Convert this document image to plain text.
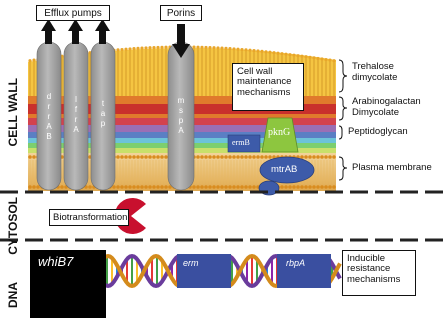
CELL WALL
CYTOSOL
DNA
Efflux pumps	Porins
d
r
r
A
B
l
f
r
A
t
a
p
m
s
p
A
Cell wall
maintenance
mechanisms
ermB
pknG
mtrAB
Trehalose
dimycolate
Arabinogalactan
Dimycolate
Peptidoglycan
Plasma membrane
Biotransformation
whiB7	erm	rbpA	Inducible
resistance
mechanisms
